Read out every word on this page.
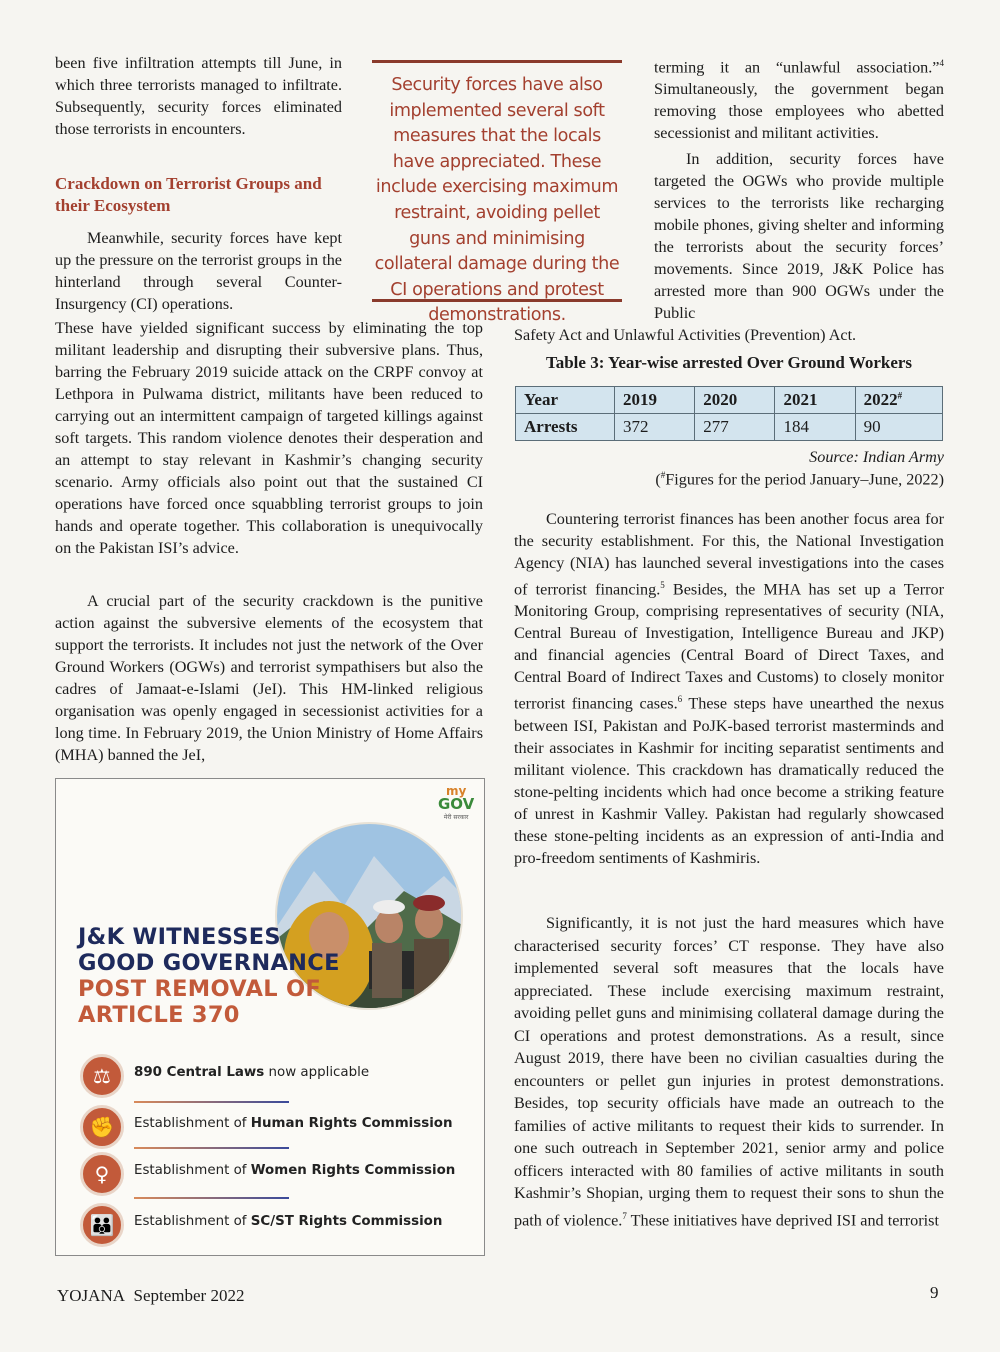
been five infiltration attempts till June, in which three terrorists managed to infiltrate. Subsequently, security forces eliminated those terrorists in encounters.

Crackdown on Terrorist Groups and their Ecosystem

Meanwhile, security forces have kept up the pressure on the terrorist groups in the hinterland through several Counter-Insurgency (CI) operations.

These have yielded significant success by eliminating the top militant leadership and disrupting their subversive plans. Thus, barring the February 2019 suicide attack on the CRPF convoy at Lethpora in Pulwama district, militants have been reduced to carrying out an intermittent campaign of targeted killings against soft targets. This random violence denotes their desperation and an attempt to stay relevant in Kashmir’s changing security scenario. Army officials also point out that the sustained CI operations have forced once squabbling terrorist groups to join hands and operate together. This collaboration is unequivocally on the Pakistan ISI’s advice.

A crucial part of the security crackdown is the punitive action against the subversive elements of the ecosystem that support the terrorists. It includes not just the network of the Over Ground Workers (OGWs) and terrorist sympathisers but also the cadres of Jamaat-e-Islami (JeI). This HM-linked religious organisation was openly engaged in secessionist activities for a long time. In February 2019, the Union Ministry of Home Affairs (MHA) banned the JeI,

Security forces have also implemented several soft measures that the locals have appreciated. These include exercising maximum restraint, avoiding pellet guns and minimising collateral damage during the CI operations and protest demonstrations.

terming it an “unlawful association.”$^4$ Simultaneously, the government began removing those employees who abetted secessionist and militant activities.

In addition, security forces have targeted the OGWs who provide multiple services to the terrorists like recharging mobile phones, giving shelter and informing the terrorists about the security forces’ movements. Since 2019, J&K Police has arrested more than 900 OGWs under the Public

Safety Act and Unlawful Activities (Prevention) Act.

Table 3: Year-wise arrested Over Ground Workers
Year	2019	2020	2021	2022#
Arrests	372	277	184	90
Source: Indian Army
(#Figures for the period January–June, 2022)

Countering terrorist finances has been another focus area for the security establishment. For this, the National Investigation Agency (NIA) has launched several investigations into the cases of terrorist financing.$^5$ Besides, the MHA has set up a Terror Monitoring Group, comprising representatives of security (NIA, Central Bureau of Investigation, Intelligence Bureau and JKP) and financial agencies (Central Board of Direct Taxes, and Central Board of Indirect Taxes and Customs) to closely monitor terrorist financing cases.$^6$ These steps have unearthed the nexus between ISI, Pakistan and PoJK-based terrorist masterminds and their associates in Kashmir for inciting separatist sentiments and militant violence. This crackdown has dramatically reduced the stone-pelting incidents which had once become a striking feature of unrest in Kashmir Valley. Pakistan had regularly showcased these stone-pelting incidents as an expression of anti-India and pro-freedom sentiments of Kashmiris.

Significantly, it is not just the hard measures which have characterised security forces’ CT response. They have also implemented several soft measures that the locals have appreciated. These include exercising maximum restraint, avoiding pellet guns and minimising collateral damage during the CI operations and protest demonstrations. As a result, since August 2019, there have been no civilian casualties during the encounters or pellet gun injuries in protest demonstrations. Besides, top security officials have made an outreach to the families of active militants to request their kids to surrender. In one such outreach in September 2021, senior army and police officers interacted with 80 families of active militants in south Kashmir’s Shopian, urging them to request their sons to shun the path of violence.$^7$ These initiatives have deprived ISI and terrorist

my
GOV
मेरी सरकार
J&K WITNESSES
GOOD GOVERNANCE
POST REMOVAL OF
ARTICLE 370
⚖	890 Central Laws now applicable
✊	Establishment of Human Rights Commission
♀	Establishment of Women Rights Commission
👪	Establishment of SC/ST Rights Commission
YOJANA September 2022	9
